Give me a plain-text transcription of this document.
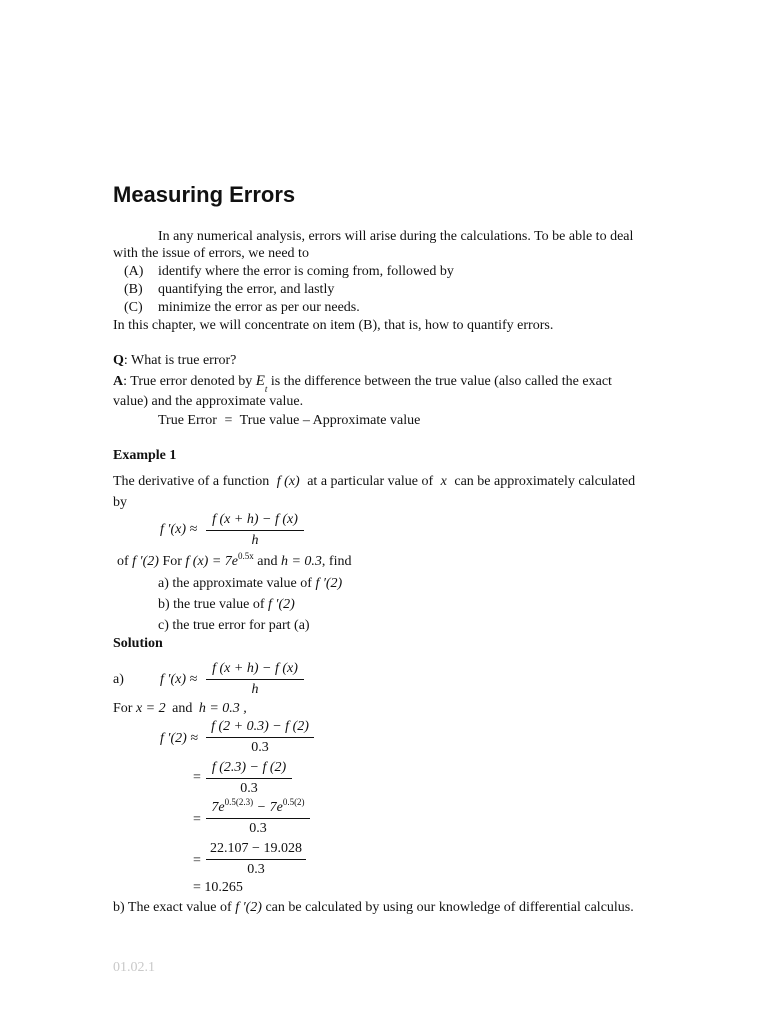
Measuring Errors
In any numerical analysis, errors will arise during the calculations. To be able to deal
with the issue of errors, we need to
(A) identify where the error is coming from, followed by
(B) quantifying the error, and lastly
(C) minimize the error as per our needs.
In this chapter, we will concentrate on item (B), that is, how to quantify errors.
Q: What is true error?
A: True error denoted by $E_t$ is the difference between the true value (also called the exact
value) and the approximate value.
True Error = True value – Approximate value
Example 1
The derivative of a function f (x) at a particular value of x can be approximately calculated
by
f ′(x) ≈
f (x + h) − f (x)
h
of f ′(2) For f $(x) = 7e^{0.5x}$ and h = 0.3, find
a) the approximate value of f ′(2)
b) the true value of f ′(2)
c) the true error for part (a)
Solution
a)	f ′(x) ≈
f (x + h) − f (x)
h
For x = 2 and h = 0.3 ,
f ′(2) ≈
f (2 + 0.3) − f (2)
0.3
=
f (2.3) − f (2)
0.3
=
$7e^{0.5(2.3)} - 7e^{0.5(2)}$
0.3
=
22.107 − 19.028
0.3
= 10.265
b) The exact value of f ′(2) can be calculated by using our knowledge of differential calculus.
01.02.1
